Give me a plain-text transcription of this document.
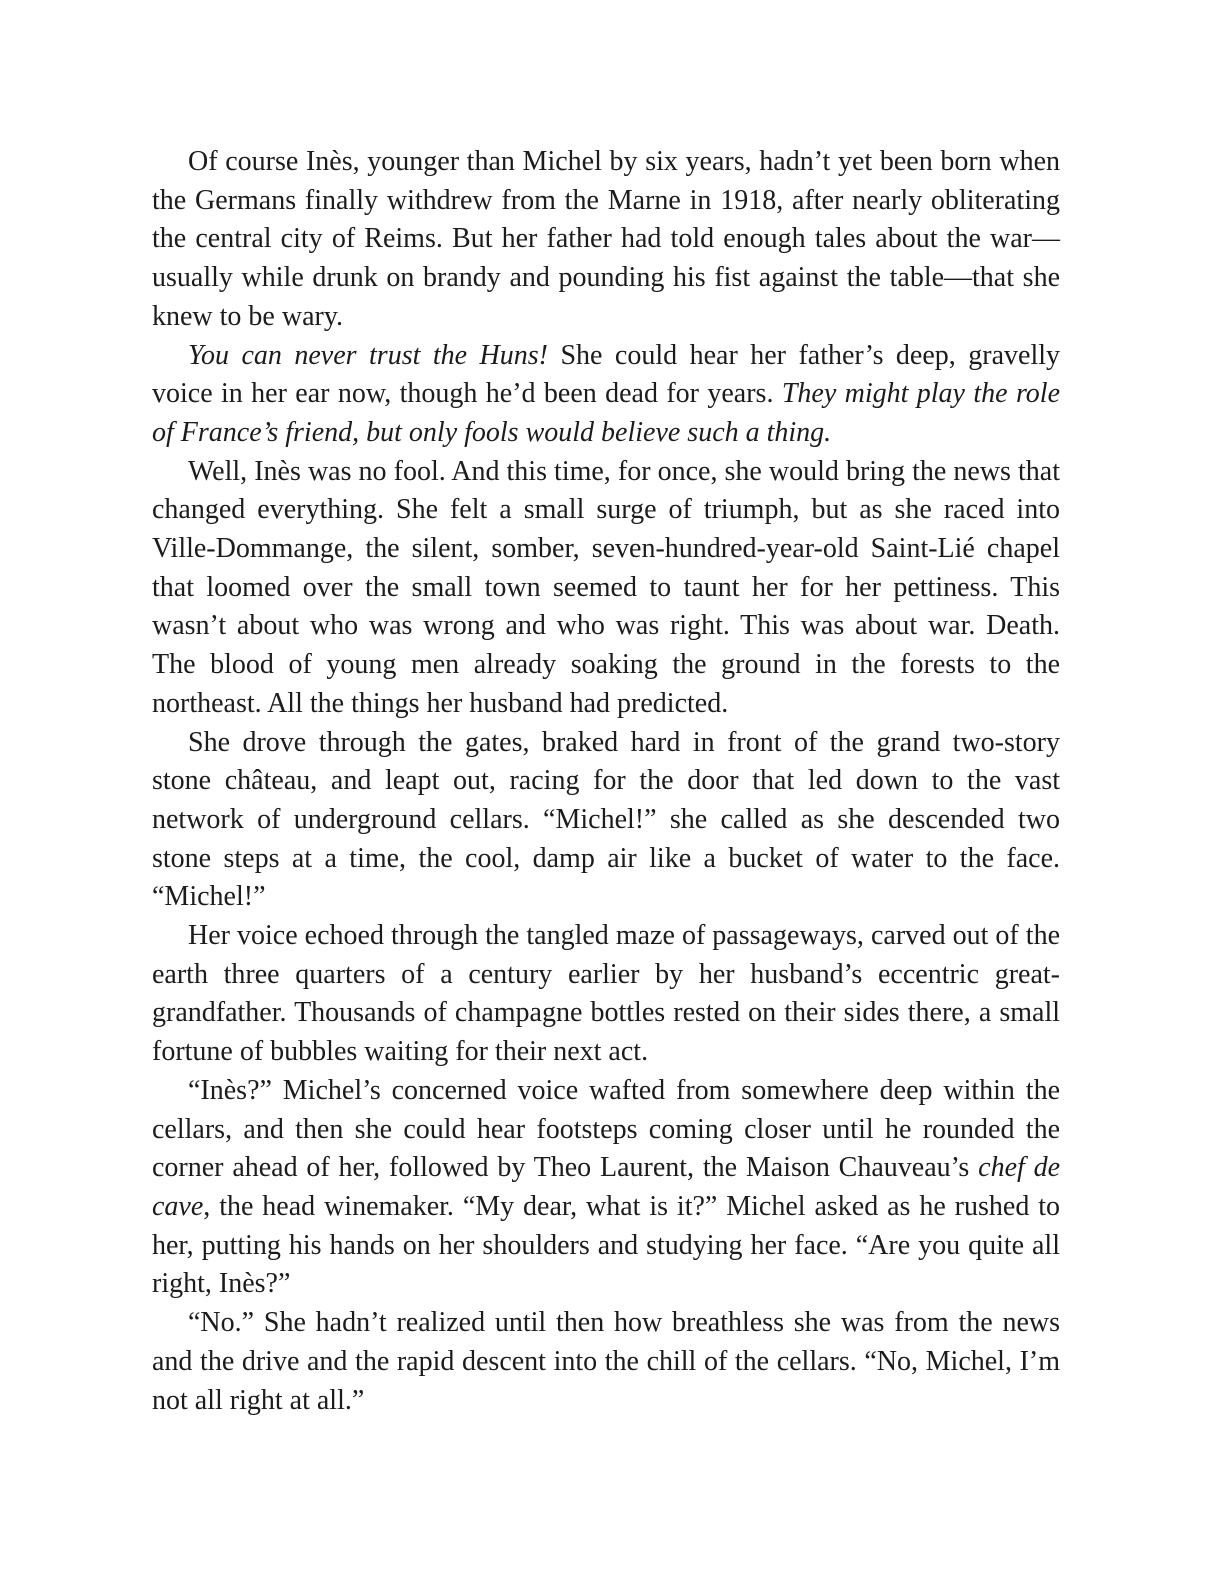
Of course Inès, younger than Michel by six years, hadn’t yet been born when the Germans finally withdrew from the Marne in 1918, after nearly obliterating the central city of Reims. But her father had told enough tales about the war—usually while drunk on brandy and pounding his fist against the table—that she knew to be wary.

You can never trust the Huns! She could hear her father’s deep, gravelly voice in her ear now, though he’d been dead for years. They might play the role of France’s friend, but only fools would believe such a thing.

Well, Inès was no fool. And this time, for once, she would bring the news that changed everything. She felt a small surge of triumph, but as she raced into Ville-Dommange, the silent, somber, seven-hundred-year-old Saint-Lié chapel that loomed over the small town seemed to taunt her for her pettiness. This wasn’t about who was wrong and who was right. This was about war. Death. The blood of young men already soaking the ground in the forests to the northeast. All the things her husband had predicted.

She drove through the gates, braked hard in front of the grand two-story stone château, and leapt out, racing for the door that led down to the vast network of underground cellars. “Michel!” she called as she descended two stone steps at a time, the cool, damp air like a bucket of water to the face. “Michel!”

Her voice echoed through the tangled maze of passageways, carved out of the earth three quarters of a century earlier by her husband’s eccentric great-grandfather. Thousands of champagne bottles rested on their sides there, a small fortune of bubbles waiting for their next act.

“Inès?” Michel’s concerned voice wafted from somewhere deep within the cellars, and then she could hear footsteps coming closer until he rounded the corner ahead of her, followed by Theo Laurent, the Maison Chauveau’s chef de cave, the head winemaker. “My dear, what is it?” Michel asked as he rushed to her, putting his hands on her shoulders and studying her face. “Are you quite all right, Inès?”

“No.” She hadn’t realized until then how breathless she was from the news and the drive and the rapid descent into the chill of the cellars. “No, Michel, I’m not all right at all.”
